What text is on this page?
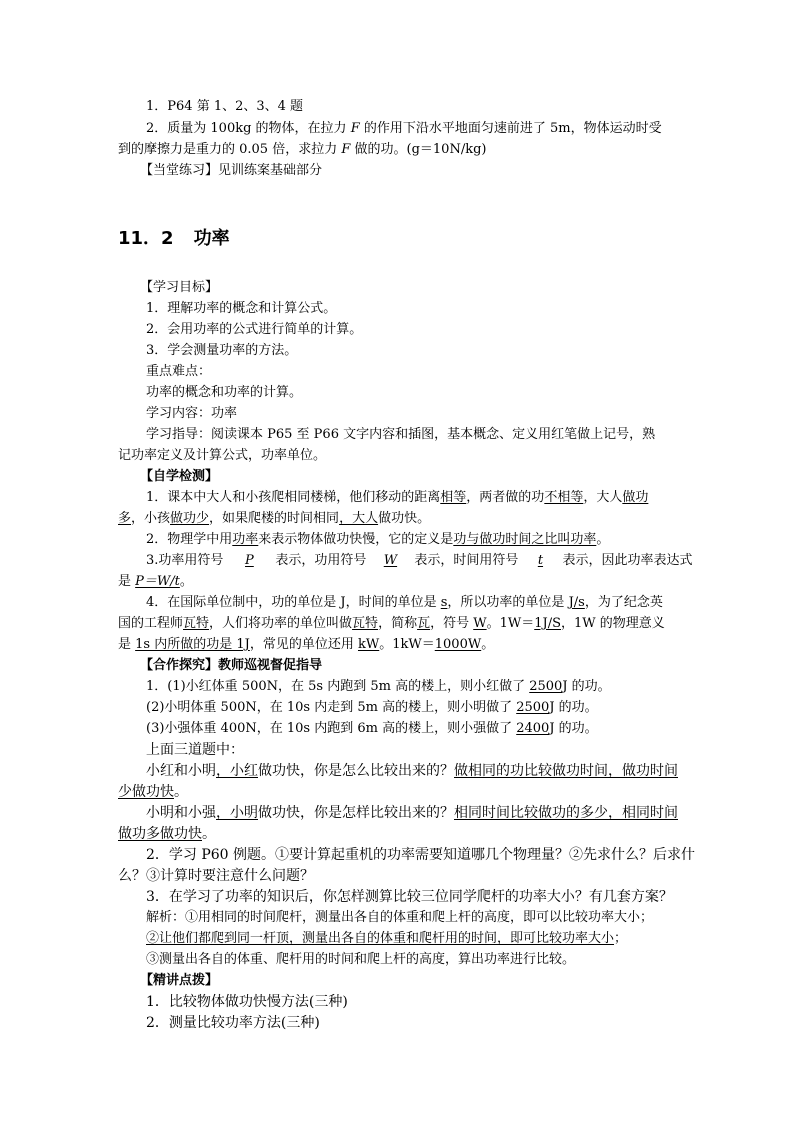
1．P64 第 1、2、3、4 题
2．质量为 100kg 的物体，在拉力 F 的作用下沿水平地面匀速前进了 5m，物体运动时受
到的摩擦力是重力的 0.05 倍，求拉力 F 做的功。(g＝10N/kg)
【当堂练习】见训练案基础部分
11．2 功率
【学习目标】
1．理解功率的概念和计算公式。
2．会用功率的公式进行简单的计算。
3．学会测量功率的方法。
重点难点：
功率的概念和功率的计算。
学习内容：功率
学习指导：阅读课本 P65 至 P66 文字内容和插图，基本概念、定义用红笔做上记号，熟
记功率定义及计算公式，功率单位。
【自学检测】
1．课本中大人和小孩爬相同楼梯，他们移动的距离相等，两者做的功不相等，大人做功
多，小孩做功少，如果爬楼的时间相同，大人做功快。
2．物理学中用功率来表示物体做功快慢，它的定义是功与做功时间之比叫功率。
3.功率用符号 P 表示，功用符号 W 表示，时间用符号 t 表示，因此功率表达式
是 P＝W/t。
4．在国际单位制中，功的单位是 J，时间的单位是 s，所以功率的单位是 J/s，为了纪念英
国的工程师瓦特，人们将功率的单位叫做瓦特，简称瓦，符号 W。1W＝1J/S，1W 的物理意义
是 1s 内所做的功是 1J，常见的单位还用 kW。1kW＝1000W。
【合作探究】教师巡视督促指导
1．(1)小红体重 500N，在 5s 内跑到 5m 高的楼上，则小红做了 2500J 的功。
(2)小明体重 500N，在 10s 内走到 5m 高的楼上，则小明做了 2500J 的功。
(3)小强体重 400N，在 10s 内跑到 6m 高的楼上，则小强做了 2400J 的功。
上面三道题中：
小红和小明，小红做功快，你是怎么比较出来的？做相同的功比较做功时间，做功时间
少做功快。
小明和小强，小明做功快，你是怎样比较出来的？相同时间比较做功的多少，相同时间
做功多做功快。
2．学习 P60 例题。①要计算起重机的功率需要知道哪几个物理量？②先求什么？后求什
么？③计算时要注意什么问题？
3．在学习了功率的知识后，你怎样测算比较三位同学爬杆的功率大小？有几套方案？
解析：①用相同的时间爬杆，测量出各自的体重和爬上杆的高度，即可以比较功率大小；
②让他们都爬到同一杆顶，测量出各自的体重和爬杆用的时间，即可比较功率大小；
③测量出各自的体重、爬杆用的时间和爬上杆的高度，算出功率进行比较。
【精讲点拨】
1．比较物体做功快慢方法(三种)
2．测量比较功率方法(三种)
